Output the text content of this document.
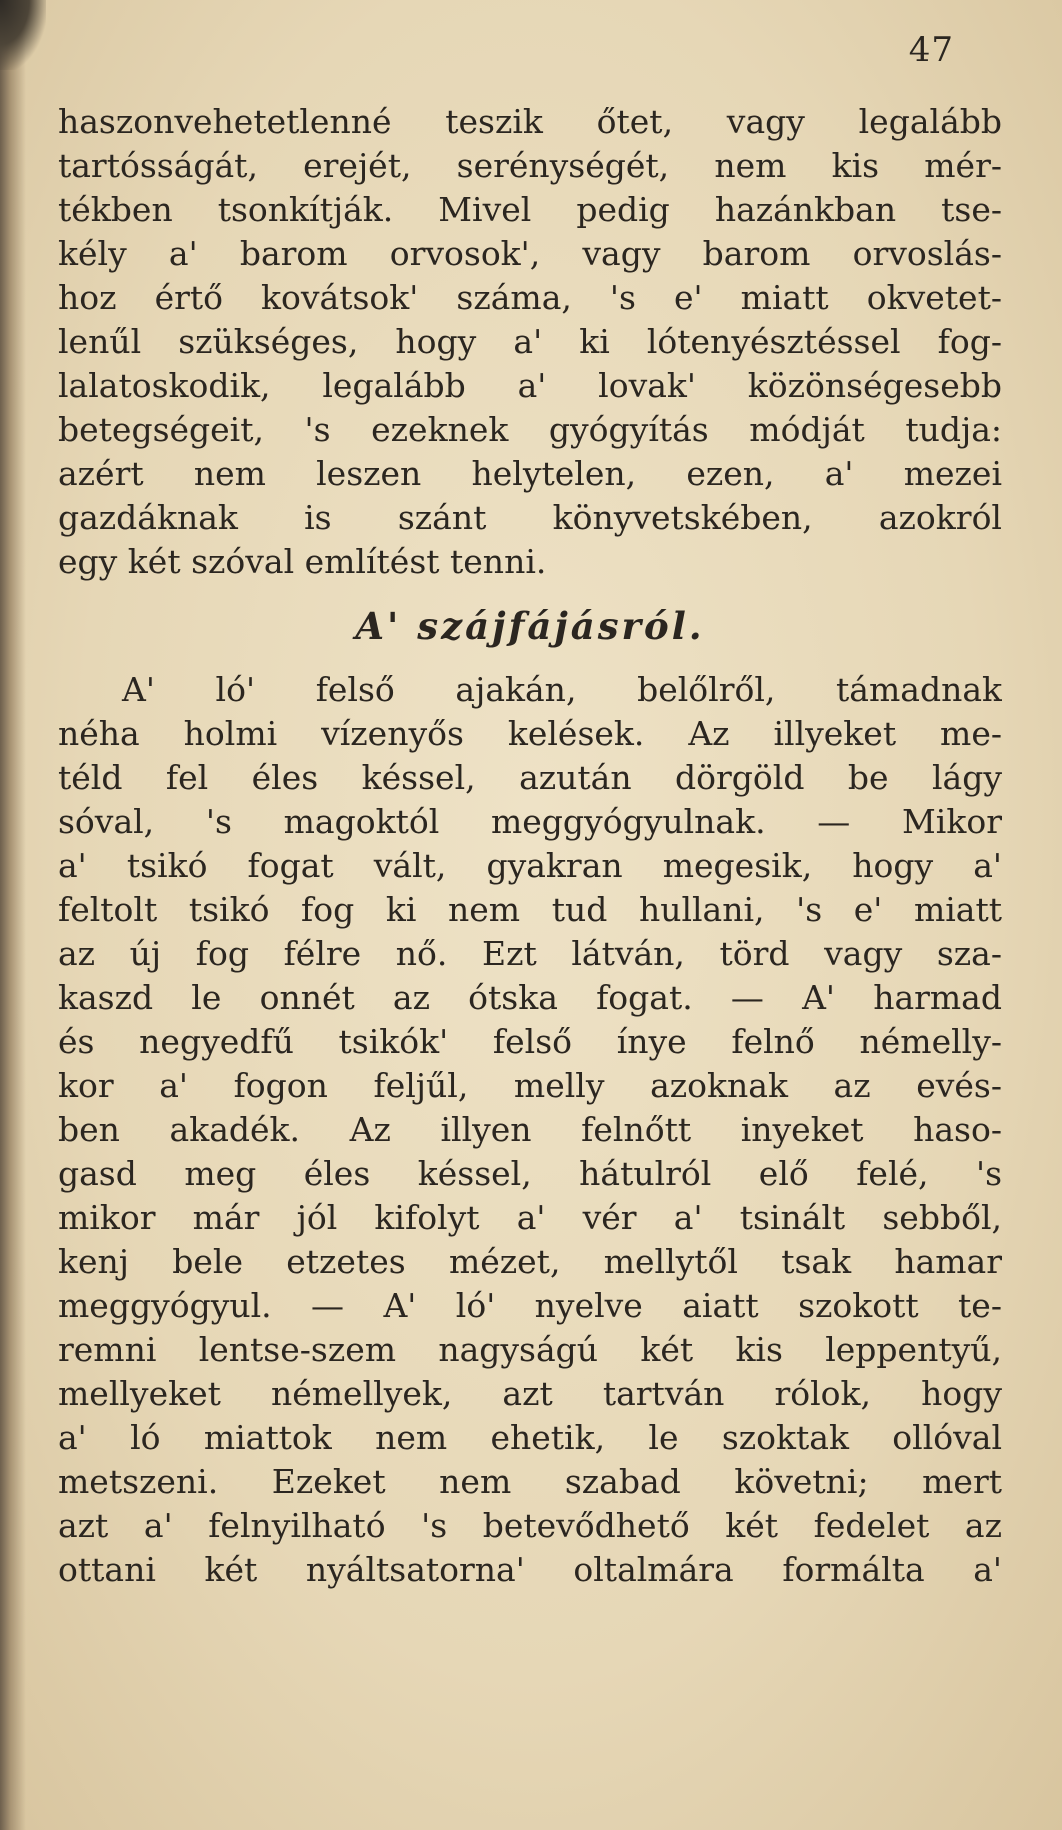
47
haszonvehetetlenné teszik őtet, vagy legalább
tartósságát, erejét, serénységét, nem kis mér-
tékben tsonkítják. Mivel pedig hazánkban tse-
kély a' barom orvosok', vagy barom orvoslás-
hoz értő kovátsok' száma, 's e' miatt okvetet-
lenűl szükséges, hogy a' ki lótenyésztéssel fog-
lalatoskodik, legalább a' lovak' közönségesebb
betegségeit, 's ezeknek gyógyítás módját tudja:
azért nem leszen helytelen, ezen, a' mezei
gazdáknak is szánt könyvetskében, azokról
egy két szóval említést tenni.
A' szájfájásról.
A' ló' felső ajakán, belőlről, támadnak
néha holmi vízenyős kelések. Az illyeket me-
téld fel éles késsel, azután dörgöld be lágy
sóval, 's magoktól meggyógyulnak. — Mikor
a' tsikó fogat vált, gyakran megesik, hogy a'
feltolt tsikó fog ki nem tud hullani, 's e' miatt
az új fog félre nő. Ezt látván, törd vagy sza-
kaszd le onnét az ótska fogat. — A' harmad
és negyedfű tsikók' felső ínye felnő némelly-
kor a' fogon feljűl, melly azoknak az evés-
ben akadék. Az illyen felnőtt inyeket haso-
gasd meg éles késsel, hátulról elő felé, 's
mikor már jól kifolyt a' vér a' tsinált sebből,
kenj bele etzetes mézet, mellytől tsak hamar
meggyógyul. — A' ló' nyelve aiatt szokott te-
remni lentse-szem nagyságú két kis leppentyű,
mellyeket némellyek, azt tartván rólok, hogy
a' ló miattok nem ehetik, le szoktak ollóval
metszeni. Ezeket nem szabad követni; mert
azt a' felnyilható 's betevődhető két fedelet az
ottani két nyáltsatorna' oltalmára formálta a'
